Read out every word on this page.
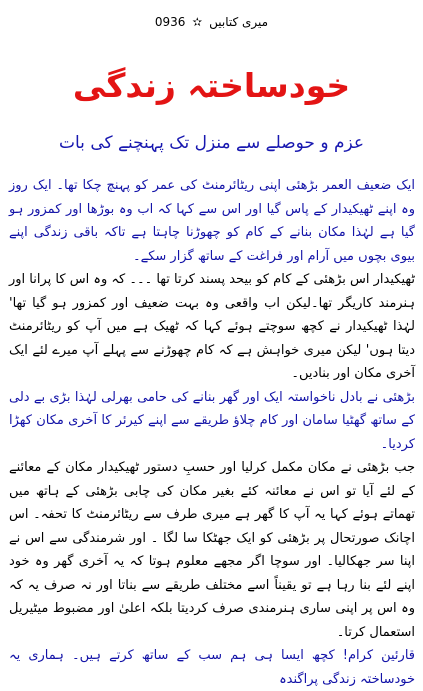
میری کتابیں ✫ 0936
خودساختہ زندگی
عزم و حوصلے سے منزل تک پہنچنے کی بات

ایک ضعیف العمر بڑھئی اپنی ریٹائرمنٹ کی عمر کو پہنچ چکا تھا۔ ایک روز وہ اپنے ٹھیکیدار کے پاس گیا اور اس سے کہا کہ اب وہ بوڑھا اور کمزور ہو گیا ہے لہٰذا مکان بنانے کے کام کو چھوڑنا چاہتا ہے تاکہ باقی زندگی اپنے بیوی بچوں میں آرام اور فراغت کے ساتھ گزار سکے۔

ٹھیکیدار اس بڑھئی کے کام کو بیحد پسند کرتا تھا ۔۔۔ کہ وہ اس کا پرانا اور ہنرمند کاریگر تھا۔لیکن اب واقعی وہ بہت ضعیف اور کمزور ہو گیا تھا' لہٰذا ٹھیکیدار نے کچھ سوچتے ہوئے کہا کہ ٹھیک ہے میں آپ کو ریٹائرمنٹ دیتا ہوں' لیکن میری خواہش ہے کہ کام چھوڑنے سے پہلے آپ میرے لئے ایک آخری مکان اور بنادیں۔

بڑھئی نے بادل ناخواستہ ایک اور گھر بنانے کی حامی بھرلی لہٰذا بڑی بے دلی کے ساتھ گھٹیا سامان اور کام چلاؤ طریقے سے اپنے کیرئر کا آخری مکان کھڑا کردیا۔

جب بڑھئی نے مکان مکمل کرلیا اور حسبِ دستور ٹھیکیدار مکان کے معائنے کے لئے آیا تو اس نے معائنہ کئے بغیر مکان کی چابی بڑھئی کے ہاتھ میں تھماتے ہوئے کہا یہ آپ کا گھر ہے میری طرف سے ریٹائرمنٹ کا تحفہ۔ اس اچانک صورتحال پر بڑھئی کو ایک جھٹکا سا لگا ۔ اور شرمندگی سے اس نے اپنا سر جھکالیا۔ اور سوچا اگر مجھے معلوم ہوتا کہ یہ آخری گھر وہ خود اپنے لئے بنا رہا ہے تو یقیناً اسے مختلف طریقے سے بناتا اور نہ صرف یہ کہ وہ اس پر اپنی ساری ہنرمندی صرف کردیتا بلکہ اعلیٰ اور مضبوط میٹیریل استعمال کرتا۔

قارئین کرام! کچھ ایسا ہی ہم سب کے ساتھ کرتے ہیں۔ ہماری یہ خودساختہ زندگی پراگندہ
